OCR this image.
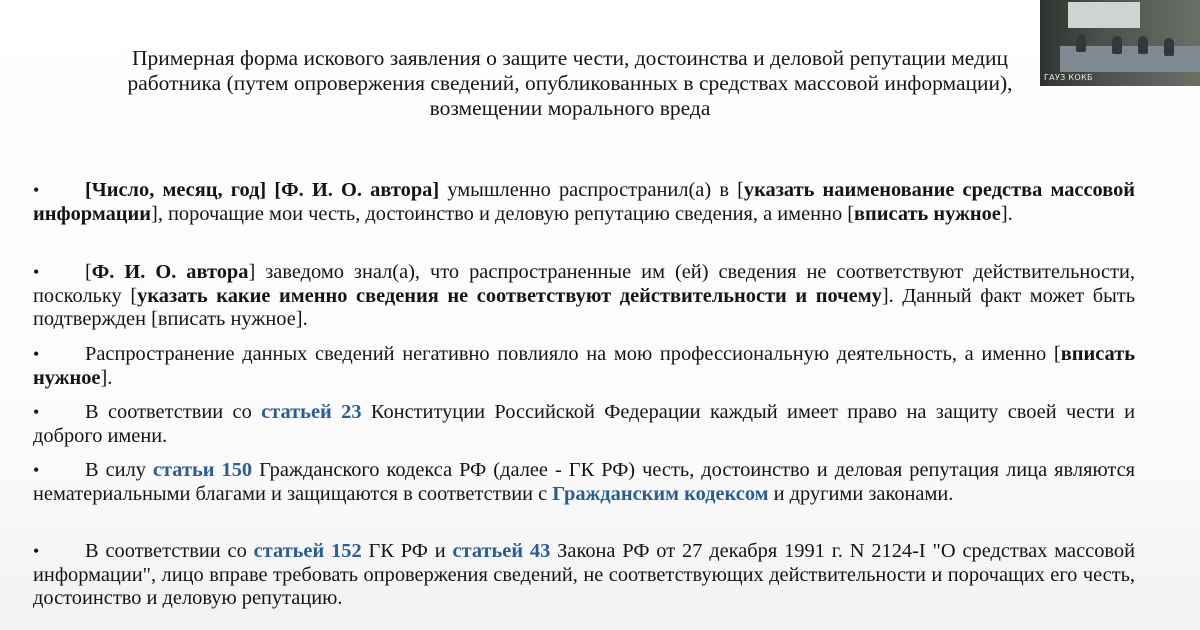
Примерная форма искового заявления о защите чести, достоинства и деловой репутации медиц
работника (путем опровержения сведений, опубликованных в средствах массовой информации),
возмещении морального вреда
• [Число, месяц, год] [Ф. И. О. автора] умышленно распространил(а) в [указать наименование средства массовой информации], порочащие мои честь, достоинство и деловую репутацию сведения, а именно [вписать нужное].
• [Ф. И. О. автора] заведомо знал(а), что распространенные им (ей) сведения не соответствуют действительности, поскольку [указать какие именно сведения не соответствуют действительности и почему]. Данный факт может быть подтвержден [вписать нужное].
• Распространение данных сведений негативно повлияло на мою профессиональную деятельность, а именно [вписать нужное].
• В соответствии со статьей 23 Конституции Российской Федерации каждый имеет право на защиту своей чести и доброго имени.
• В силу статьи 150 Гражданского кодекса РФ (далее - ГК РФ) честь, достоинство и деловая репутация лица являются нематериальными благами и защищаются в соответствии с Гражданским кодексом и другими законами.
• В соответствии со статьей 152 ГК РФ и статьей 43 Закона РФ от 27 декабря 1991 г. N 2124-I "О средствах массовой информации", лицо вправе требовать опровержения сведений, не соответствующих действительности и порочащих его честь, достоинство и деловую репутацию.
ГАУЗ КОКБ
